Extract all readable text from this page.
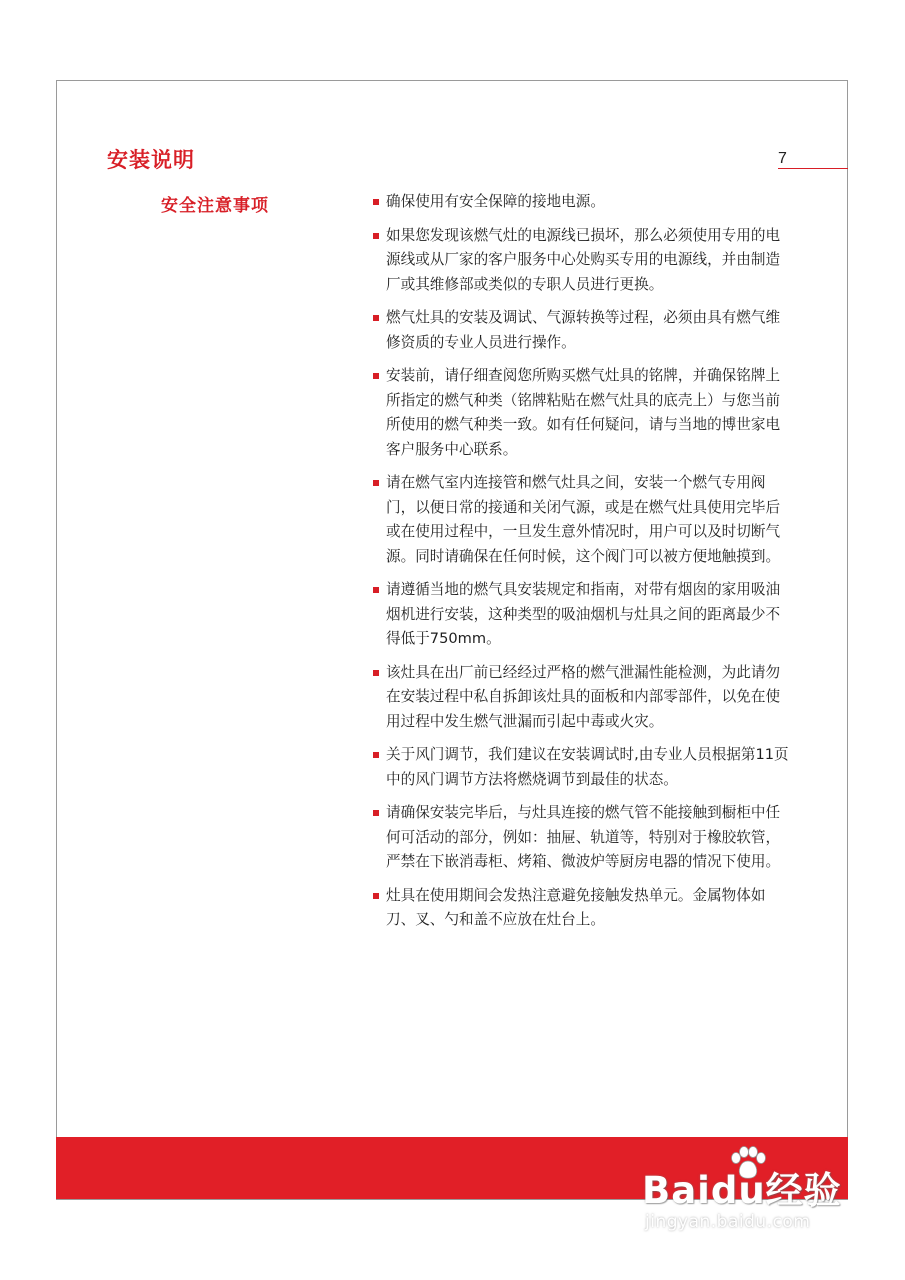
安装说明	7
安全注意事项	确保使用有安全保障的接地电源。
如果您发现该燃气灶的电源线已损坏，那么必须使用专用的电源线或从厂家的客户服务中心处购买专用的电源线，并由制造厂或其维修部或类似的专职人员进行更换。
燃气灶具的安装及调试、气源转换等过程，必须由具有燃气维修资质的专业人员进行操作。
安装前，请仔细查阅您所购买燃气灶具的铭牌，并确保铭牌上所指定的燃气种类（铭牌粘贴在燃气灶具的底壳上）与您当前所使用的燃气种类一致。如有任何疑问，请与当地的博世家电客户服务中心联系。
请在燃气室内连接管和燃气灶具之间，安装一个燃气专用阀门，以便日常的接通和关闭气源，或是在燃气灶具使用完毕后或在使用过程中，一旦发生意外情况时，用户可以及时切断气源。同时请确保在任何时候，这个阀门可以被方便地触摸到。
请遵循当地的燃气具安装规定和指南，对带有烟囱的家用吸油烟机进行安装，这种类型的吸油烟机与灶具之间的距离最少不得低于750mm。
该灶具在出厂前已经经过严格的燃气泄漏性能检测，为此请勿在安装过程中私自拆卸该灶具的面板和内部零部件，以免在使用过程中发生燃气泄漏而引起中毒或火灾。
关于风门调节，我们建议在安装调试时,由专业人员根据第11页中的风门调节方法将燃烧调节到最佳的状态。
请确保安装完毕后，与灶具连接的燃气管不能接触到橱柜中任何可活动的部分，例如：抽屉、轨道等，特别对于橡胶软管，严禁在下嵌消毒柜、烤箱、微波炉等厨房电器的情况下使用。
灶具在使用期间会发热注意避免接触发热单元。金属物体如刀、叉、勺和盖不应放在灶台上。
Baidu经验
jingyan.baidu.com
